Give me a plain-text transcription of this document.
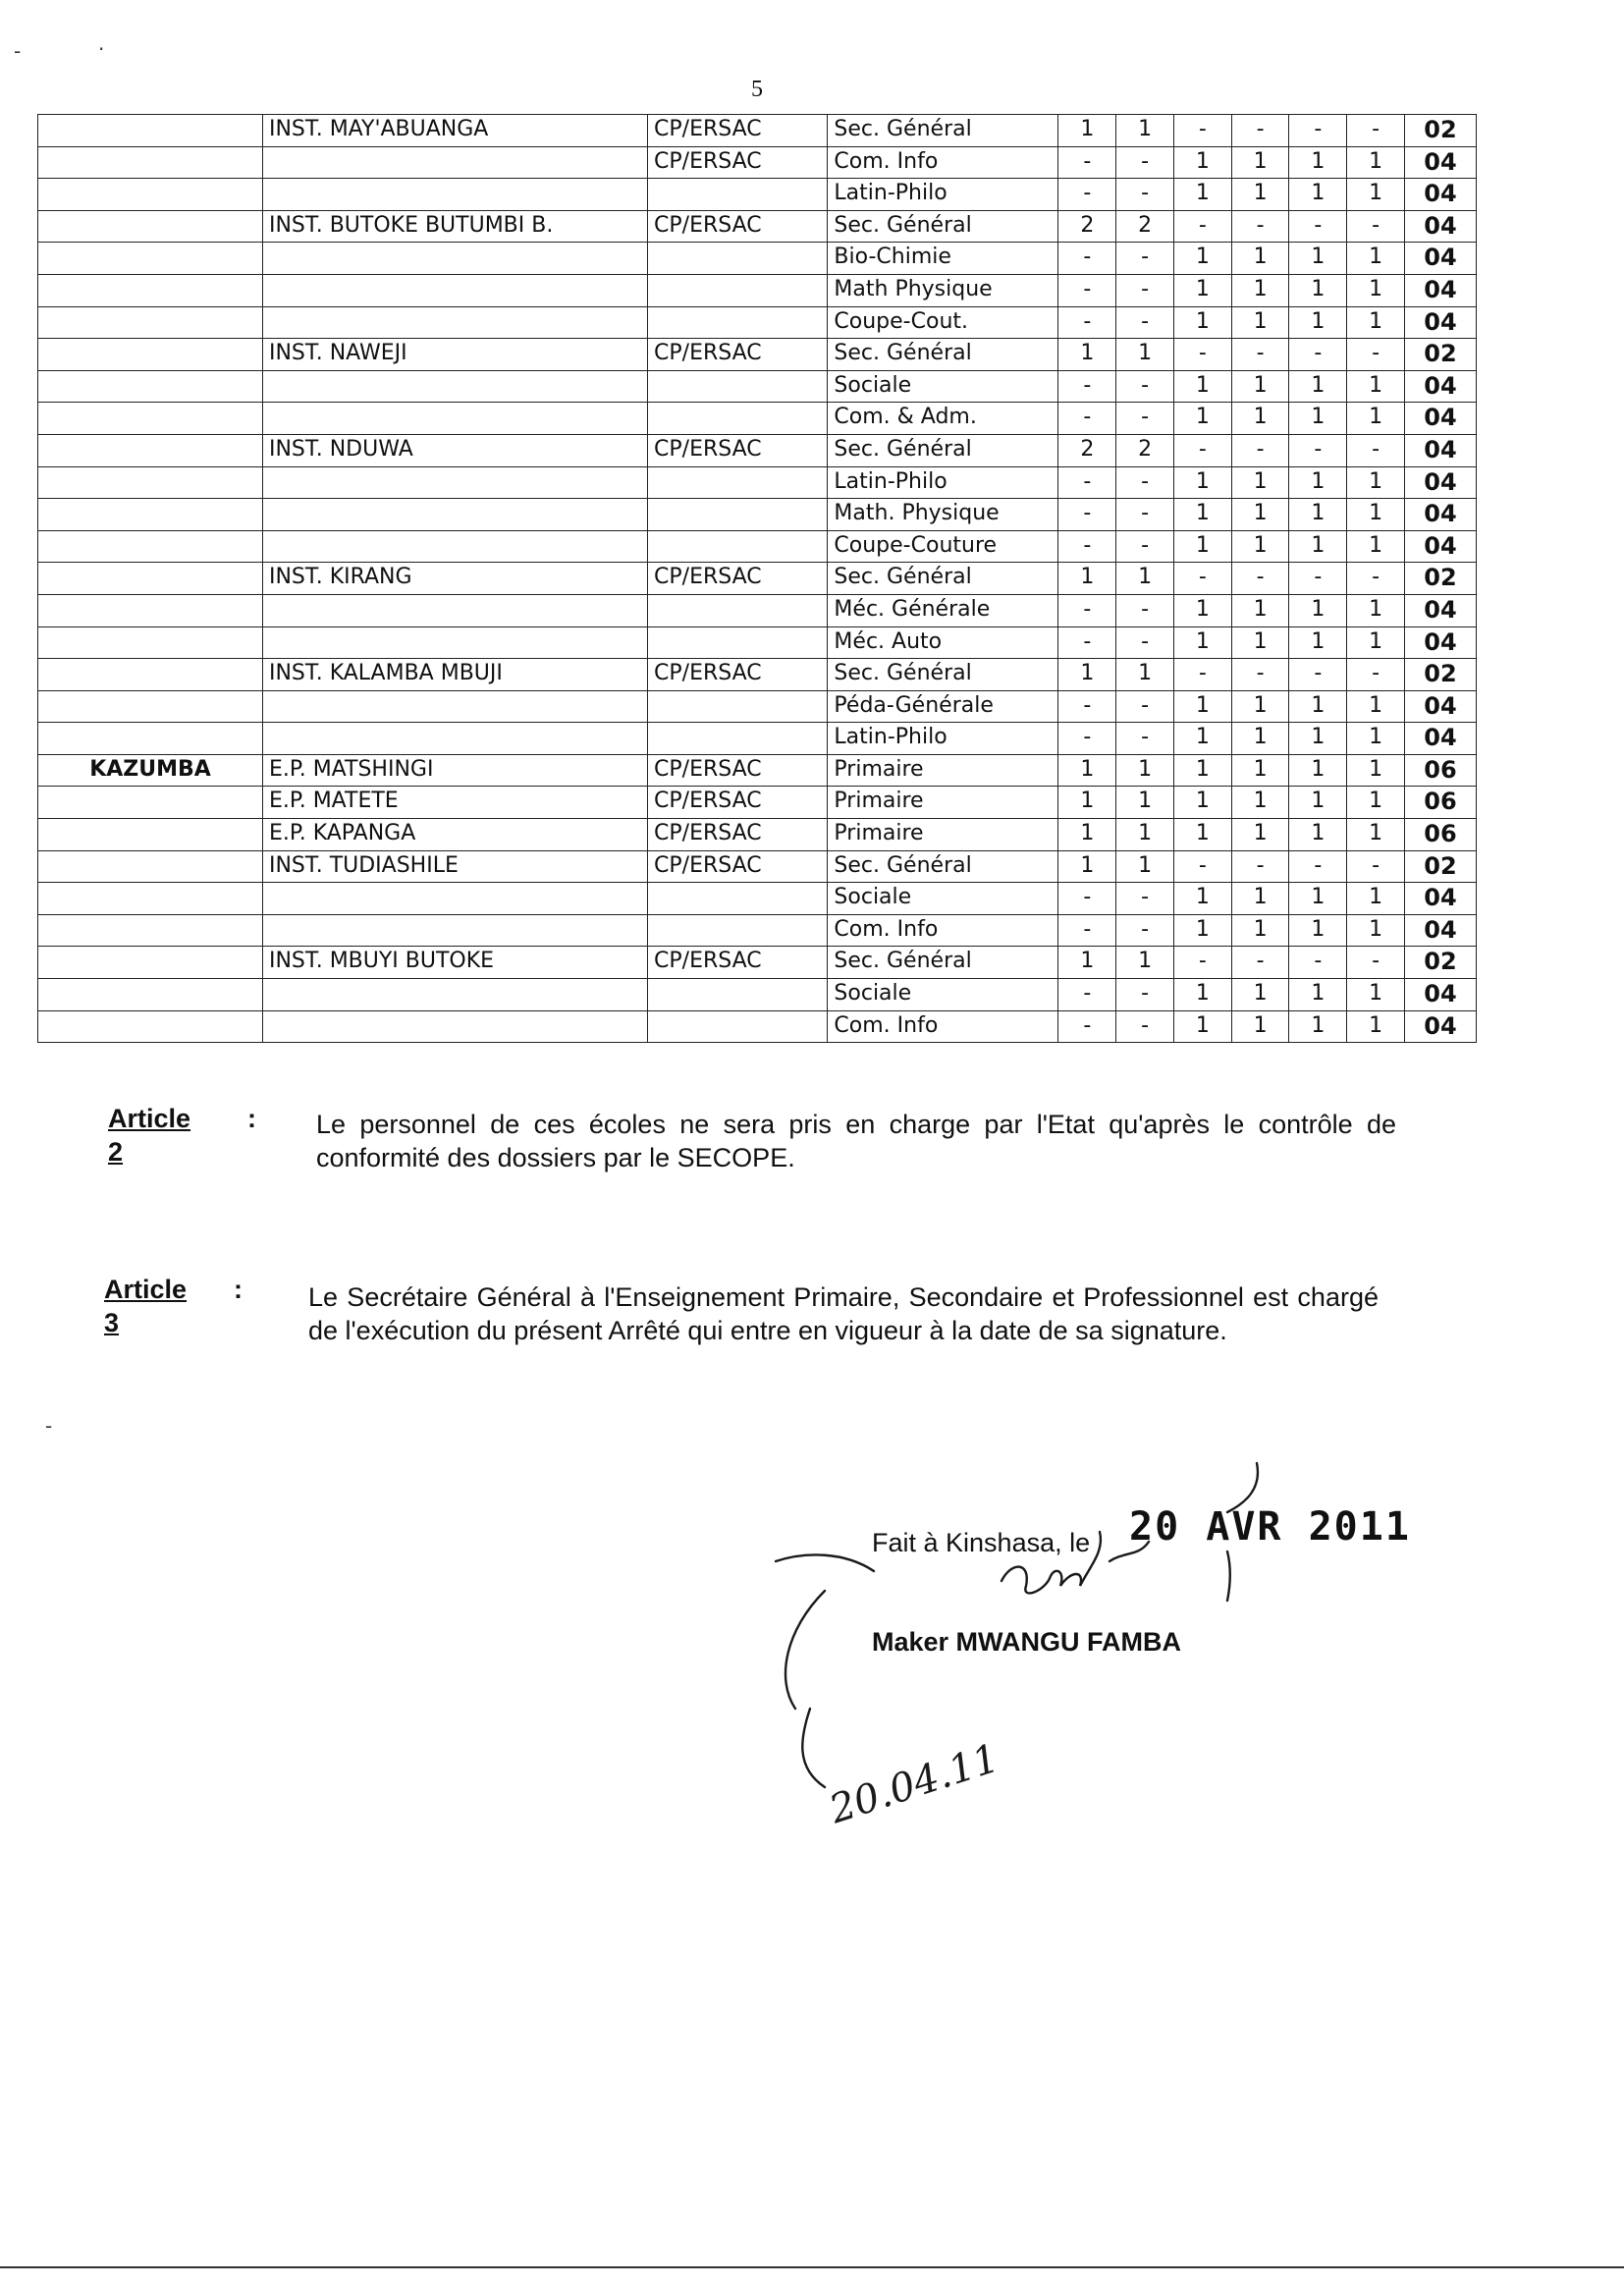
5
-	.
-
	INST. MAY'ABUANGA	CP/ERSAC	Sec. Général	1	1	-	-	-	-	02
		CP/ERSAC	Com. Info	-	-	1	1	1	1	04
			Latin-Philo	-	-	1	1	1	1	04
	INST. BUTOKE BUTUMBI B.	CP/ERSAC	Sec. Général	2	2	-	-	-	-	04
			Bio-Chimie	-	-	1	1	1	1	04
			Math Physique	-	-	1	1	1	1	04
			Coupe-Cout.	-	-	1	1	1	1	04
	INST. NAWEJI	CP/ERSAC	Sec. Général	1	1	-	-	-	-	02
			Sociale	-	-	1	1	1	1	04
			Com. & Adm.	-	-	1	1	1	1	04
	INST. NDUWA	CP/ERSAC	Sec. Général	2	2	-	-	-	-	04
			Latin-Philo	-	-	1	1	1	1	04
			Math. Physique	-	-	1	1	1	1	04
			Coupe-Couture	-	-	1	1	1	1	04
	INST. KIRANG	CP/ERSAC	Sec. Général	1	1	-	-	-	-	02
			Méc. Générale	-	-	1	1	1	1	04
			Méc. Auto	-	-	1	1	1	1	04
	INST. KALAMBA MBUJI	CP/ERSAC	Sec. Général	1	1	-	-	-	-	02
			Péda-Générale	-	-	1	1	1	1	04
			Latin-Philo	-	-	1	1	1	1	04
KAZUMBA	E.P. MATSHINGI	CP/ERSAC	Primaire	1	1	1	1	1	1	06
	E.P. MATETE	CP/ERSAC	Primaire	1	1	1	1	1	1	06
	E.P. KAPANGA	CP/ERSAC	Primaire	1	1	1	1	1	1	06
	INST. TUDIASHILE	CP/ERSAC	Sec. Général	1	1	-	-	-	-	02
			Sociale	-	-	1	1	1	1	04
			Com. Info	-	-	1	1	1	1	04
	INST. MBUYI BUTOKE	CP/ERSAC	Sec. Général	1	1	-	-	-	-	02
			Sociale	-	-	1	1	1	1	04
			Com. Info	-	-	1	1	1	1	04
Article 2
: Le personnel de ces écoles ne sera pris en charge par l'Etat qu'après le contrôle de conformité des dossiers par le SECOPE.
Article 3
: Le Secrétaire Général à l'Enseignement Primaire, Secondaire et Professionnel est chargé de l'exécution du présent Arrêté qui entre en vigueur à la date de sa signature.
Fait à Kinshasa, le 20 AVR 2011
20.04.11
Maker MWANGU FAMBA
